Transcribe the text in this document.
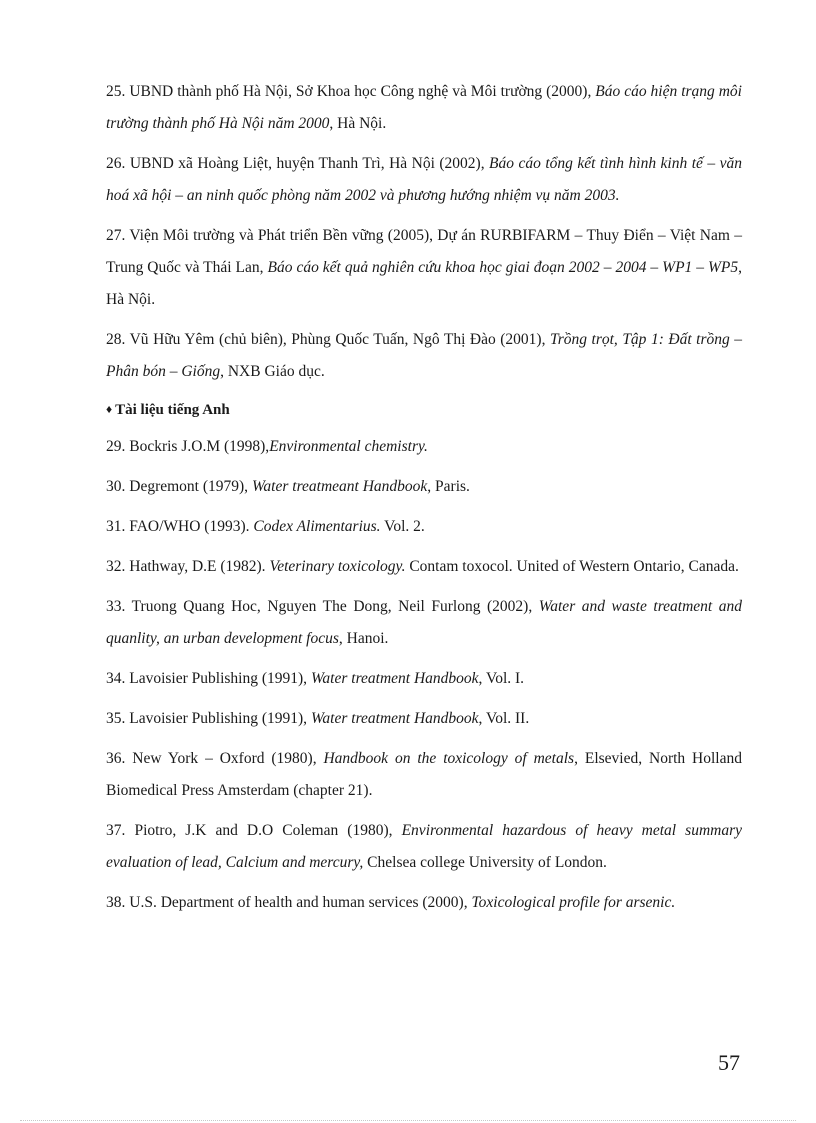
25. UBND thành phố Hà Nội, Sở Khoa học Công nghệ và Môi trường (2000), Báo cáo hiện trạng môi trường thành phố Hà Nội năm 2000, Hà Nội.

26. UBND xã Hoàng Liệt, huyện Thanh Trì, Hà Nội (2002), Báo cáo tổng kết tình hình kinh tế – văn hoá xã hội – an ninh quốc phòng năm 2002 và phương hướng nhiệm vụ năm 2003.

27. Viện Môi trường và Phát triển Bền vững (2005), Dự án RURBIFARM – Thuy Điển – Việt Nam – Trung Quốc và Thái Lan, Báo cáo kết quả nghiên cứu khoa học giai đoạn 2002 – 2004 – WP1 – WP5, Hà Nội.

28. Vũ Hữu Yêm (chủ biên), Phùng Quốc Tuấn, Ngô Thị Đào (2001), Trồng trọt, Tập 1: Đất trồng – Phân bón – Giống, NXB Giáo dục.

♦ Tài liệu tiếng Anh

29. Bockris J.O.M (1998),Environmental chemistry.

30. Degremont (1979), Water treatmeant Handbook, Paris.

31. FAO/WHO (1993). Codex Alimentarius. Vol. 2.

32. Hathway, D.E (1982). Veterinary toxicology. Contam toxocol. United of Western Ontario, Canada.

33. Truong Quang Hoc, Nguyen The Dong, Neil Furlong (2002), Water and waste treatment and quanlity, an urban development focus, Hanoi.

34. Lavoisier Publishing (1991), Water treatment Handbook, Vol. I.

35. Lavoisier Publishing (1991), Water treatment Handbook, Vol. II.

36. New York – Oxford (1980), Handbook on the toxicology of metals, Elsevied, North Holland Biomedical Press Amsterdam (chapter 21).

37. Piotro, J.K and D.O Coleman (1980), Environmental hazardous of heavy metal summary evaluation of lead, Calcium and mercury, Chelsea college University of London.

38. U.S. Department of health and human services (2000), Toxicological profile for arsenic.

57
